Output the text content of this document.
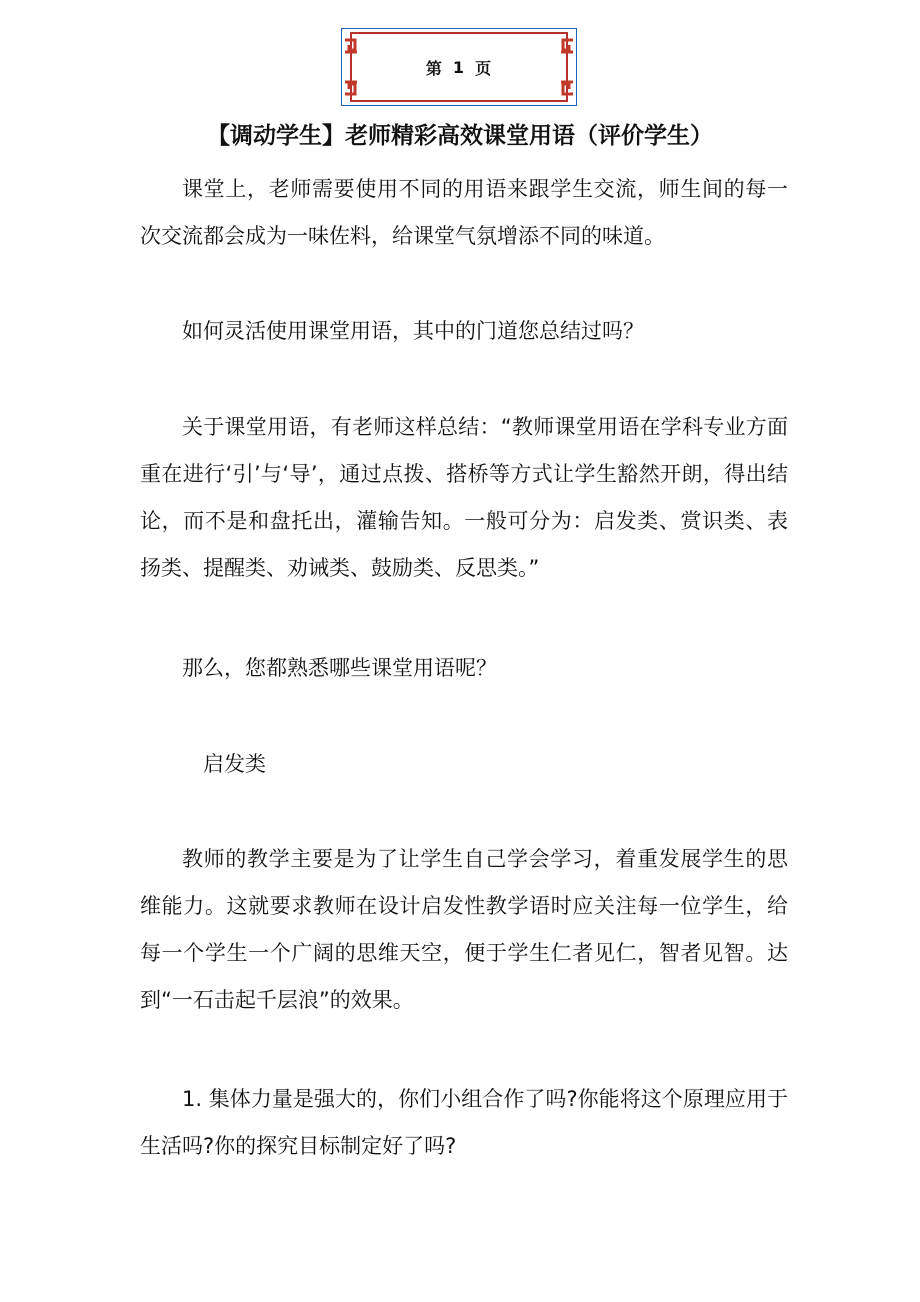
第 1 页
【调动学生】老师精彩高效课堂用语（评价学生）

课堂上，老师需要使用不同的用语来跟学生交流，师生间的每一次交流都会成为一味佐料，给课堂气氛增添不同的味道。

如何灵活使用课堂用语，其中的门道您总结过吗？

关于课堂用语，有老师这样总结：“教师课堂用语在学科专业方面重在进行‘引’与‘导’，通过点拨、搭桥等方式让学生豁然开朗，得出结论，而不是和盘托出，灌输告知。一般可分为：启发类、赏识类、表扬类、提醒类、劝诫类、鼓励类、反思类。”

那么，您都熟悉哪些课堂用语呢？

启发类

教师的教学主要是为了让学生自己学会学习，着重发展学生的思维能力。这就要求教师在设计启发性教学语时应关注每一位学生，给每一个学生一个广阔的思维天空，便于学生仁者见仁，智者见智。达到“一石击起千层浪”的效果。

1. 集体力量是强大的，你们小组合作了吗?你能将这个原理应用于生活吗?你的探究目标制定好了吗?
